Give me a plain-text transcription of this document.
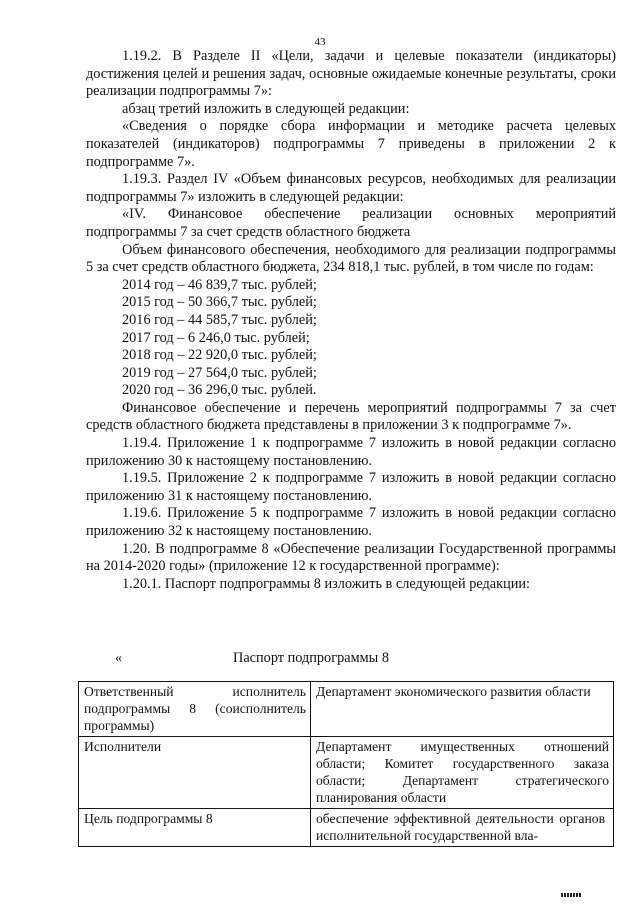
43

1.19.2. В Разделе II «Цели, задачи и целевые показатели (индикаторы) достижения целей и решения задач, основные ожидаемые конечные результаты, сроки реализации подпрограммы 7»:

абзац третий изложить в следующей редакции:

«Сведения о порядке сбора информации и методике расчета целевых показателей (индикаторов) подпрограммы 7 приведены в приложении 2 к подпрограмме 7».

1.19.3. Раздел IV «Объем финансовых ресурсов, необходимых для реализации подпрограммы 7» изложить в следующей редакции:

«IV. Финансовое обеспечение реализации основных мероприятий подпрограммы 7 за счет средств областного бюджета

Объем финансового обеспечения, необходимого для реализации подпрограммы 5 за счет средств областного бюджета, 234 818,1 тыс. рублей, в том числе по годам:

2014 год – 46 839,7 тыс. рублей;
2015 год – 50 366,7 тыс. рублей;
2016 год – 44 585,7 тыс. рублей;
2017 год – 6 246,0 тыс. рублей;
2018 год – 22 920,0 тыс. рублей;
2019 год – 27 564,0 тыс. рублей;
2020 год – 36 296,0 тыс. рублей.

Финансовое обеспечение и перечень мероприятий подпрограммы 7 за счет средств областного бюджета представлены в приложении 3 к подпрограмме 7».

1.19.4. Приложение 1 к подпрограмме 7 изложить в новой редакции согласно приложению 30 к настоящему постановлению.

1.19.5. Приложение 2 к подпрограмме 7 изложить в новой редакции согласно приложению 31 к настоящему постановлению.

1.19.6. Приложение 5 к подпрограмме 7 изложить в новой редакции согласно приложению 32 к настоящему постановлению.

1.20. В подпрограмме 8 «Обеспечение реализации Государственной программы на 2014-2020 годы» (приложение 12 к государственной программе):

1.20.1. Паспорт подпрограммы 8 изложить в следующей редакции:

«	Паспорт подпрограммы 8
Ответственный исполнитель подпрограммы 8 (соисполнитель программы)	Департамент экономического развития области
Исполнители	Департамент имущественных отношений области; Комитет государственного заказа области; Департамент стратегического планирования области
Цель подпрограммы 8	обеспечение эффективной деятельности органов исполнительной государственной вла-
